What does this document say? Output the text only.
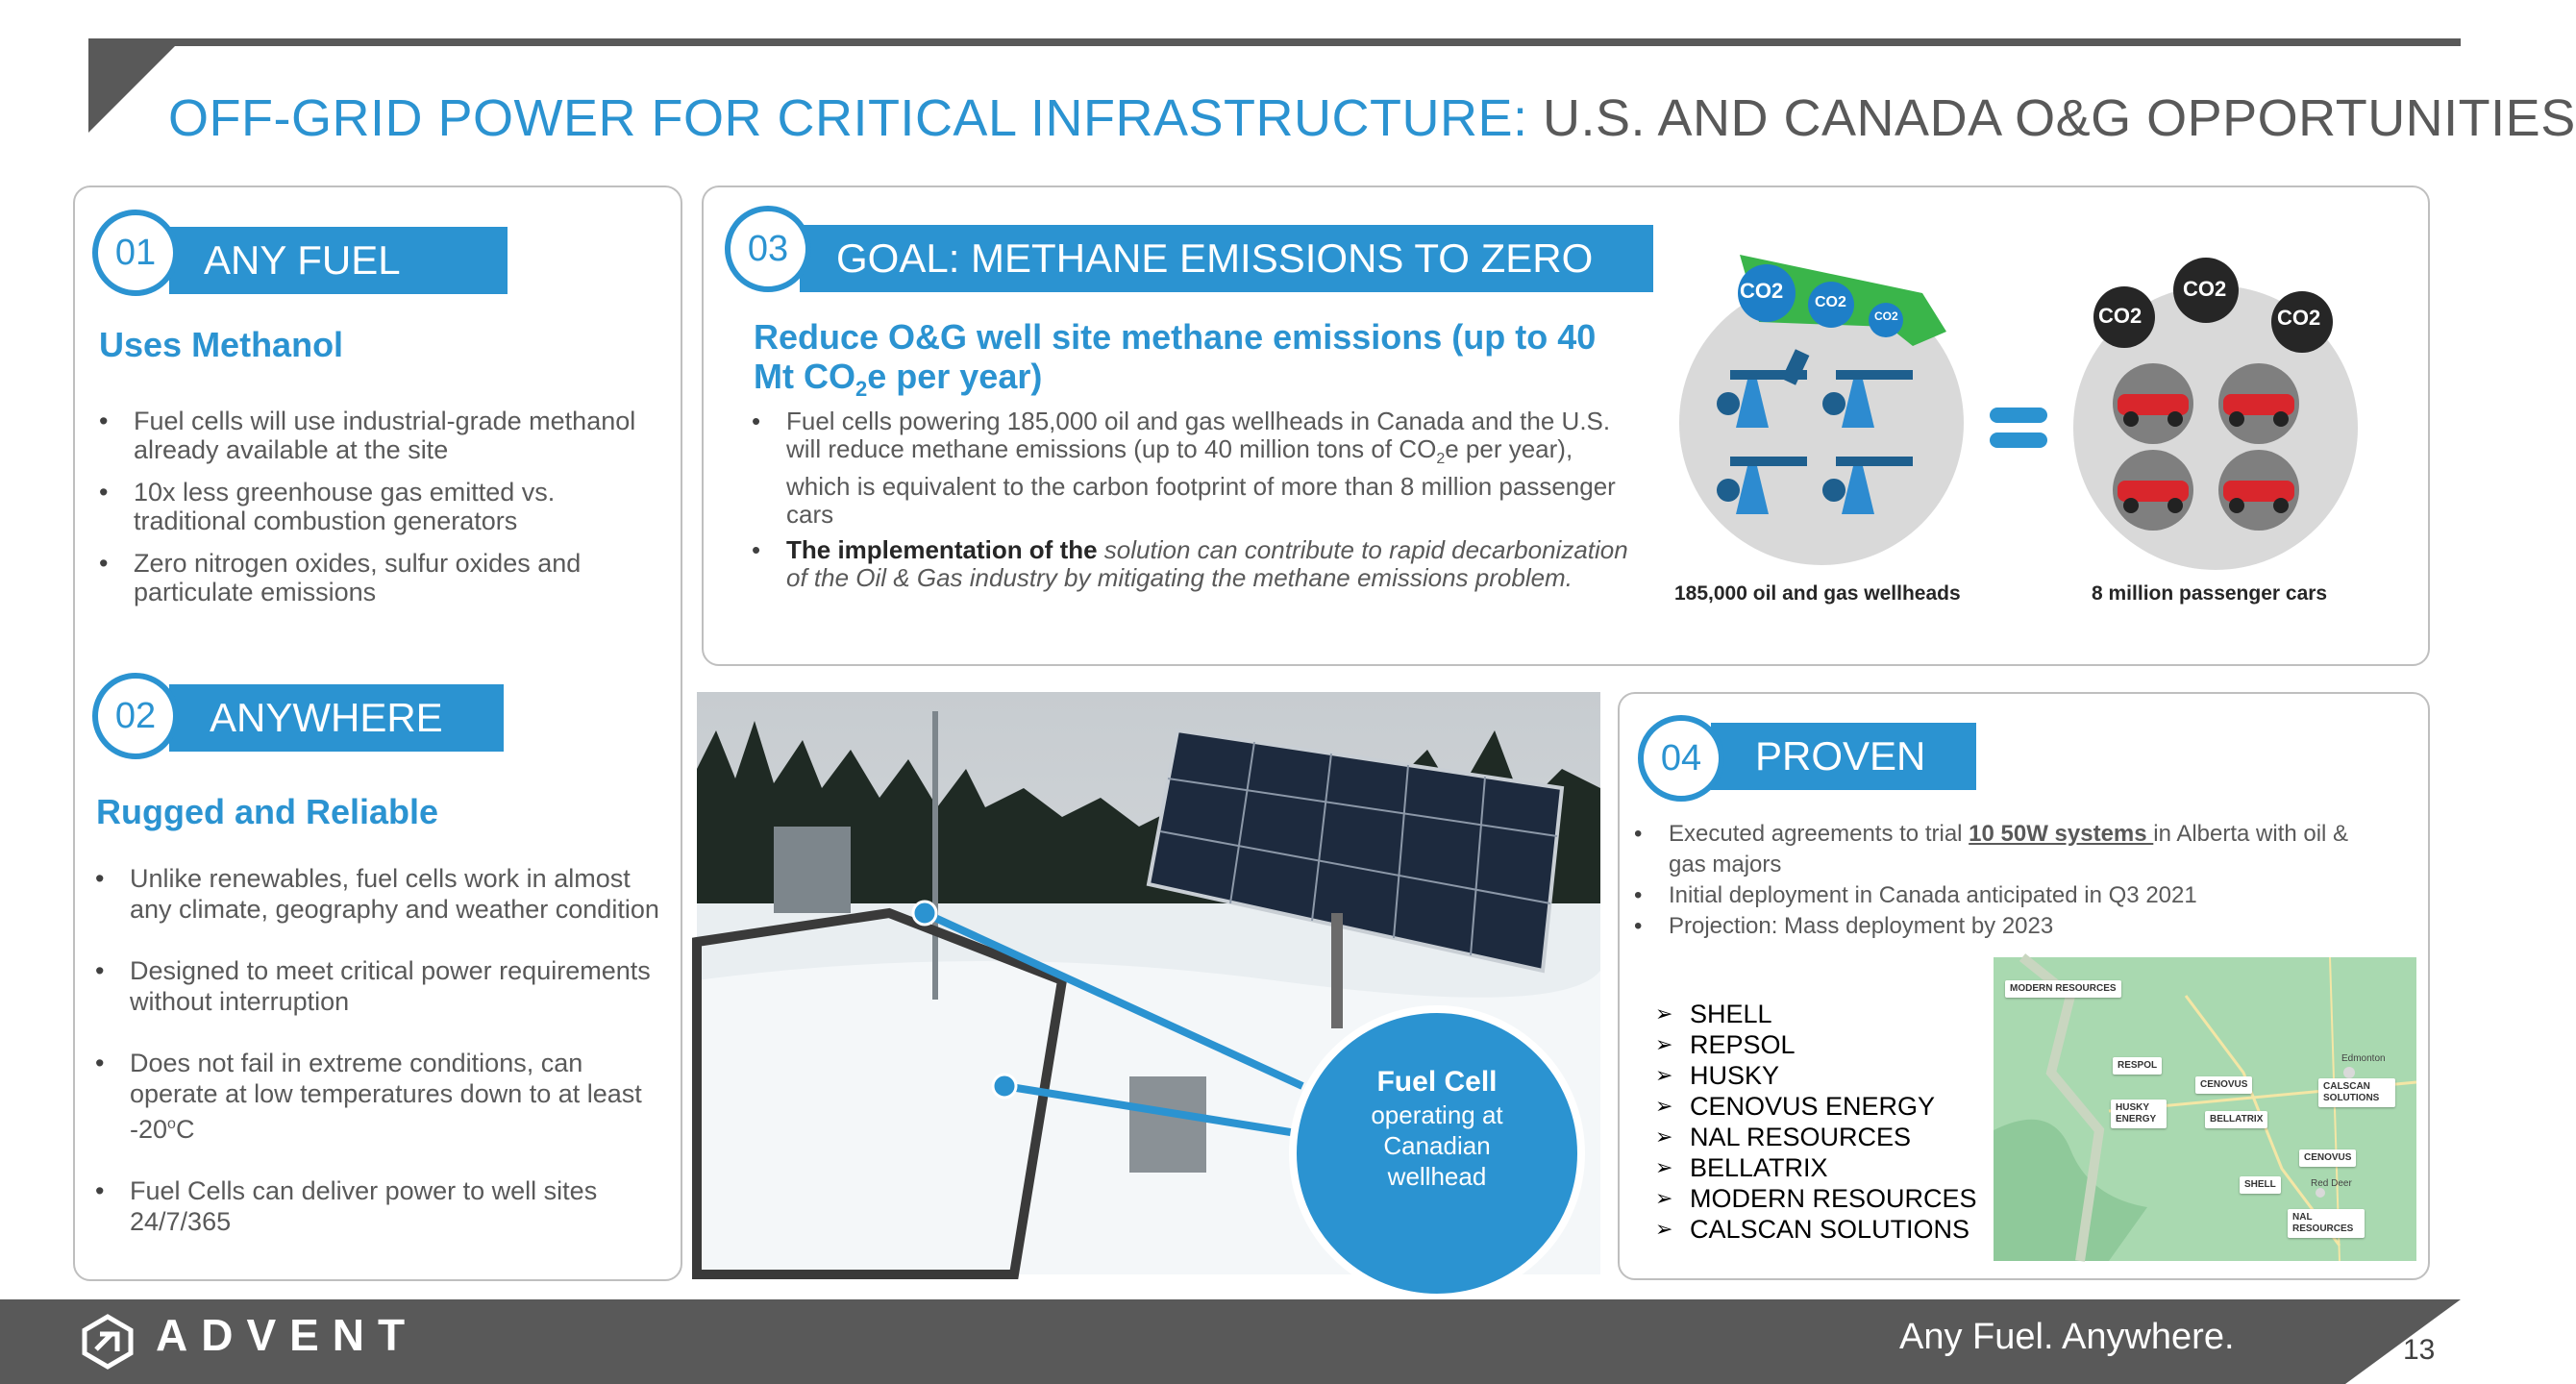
OFF-GRID POWER FOR CRITICAL INFRASTRUCTURE: U.S. AND CANADA O&G OPPORTUNITIES
01	ANY FUEL
Uses Methanol
• Fuel cells will use industrial-grade methanol already available at the site
• 10x less greenhouse gas emitted vs. traditional combustion generators
• Zero nitrogen oxides, sulfur oxides and particulate emissions
02	ANYWHERE
Rugged and Reliable
• Unlike renewables, fuel cells work in almost any climate, geography and weather condition
• Designed to meet critical power requirements without interruption
• Does not fail in extreme conditions, can operate at low temperatures down to at least -20$^o$C
• Fuel Cells can deliver power to well sites 24/7/365
03	GOAL: METHANE EMISSIONS TO ZERO
Reduce O&G well site methane emissions (up to 40 Mt $CO_2e$ per year)
• Fuel cells powering 185,000 oil and gas wellheads in Canada and the U.S. will reduce methane emissions (up to 40 million tons of $CO_2e$ per year), which is equivalent to the carbon footprint of more than 8 million passenger cars
• The implementation of the solution can contribute to rapid decarbonization of the Oil & Gas industry by mitigating the methane emissions problem.
CO2 CO2
CO2	CO2
CO2
CO2
185,000 oil and gas wellheads	8 million passenger cars
Fuel Cell
operating at
Canadian
wellhead
04	PROVEN
• Executed agreements to trial 10 50W systems in Alberta with oil & gas majors
• Initial deployment in Canada anticipated in Q3 2021
• Projection: Mass deployment by 2023
➢ SHELL
➢ REPSOL
➢ HUSKY
➢ CENOVUS ENERGY
➢ NAL RESOURCES
➢ BELLATRIX
➢ MODERN RESOURCES
➢ CALSCAN SOLUTIONS
MODERN RESOURCES
RESPOL
HUSKY ENERGY
CENOVUS
BELLATRIX
CALSCAN SOLUTIONS
CENOVUS
SHELL
NAL RESOURCES
Edmonton
Red Deer
ADVENT	Any Fuel. Anywhere.	13
